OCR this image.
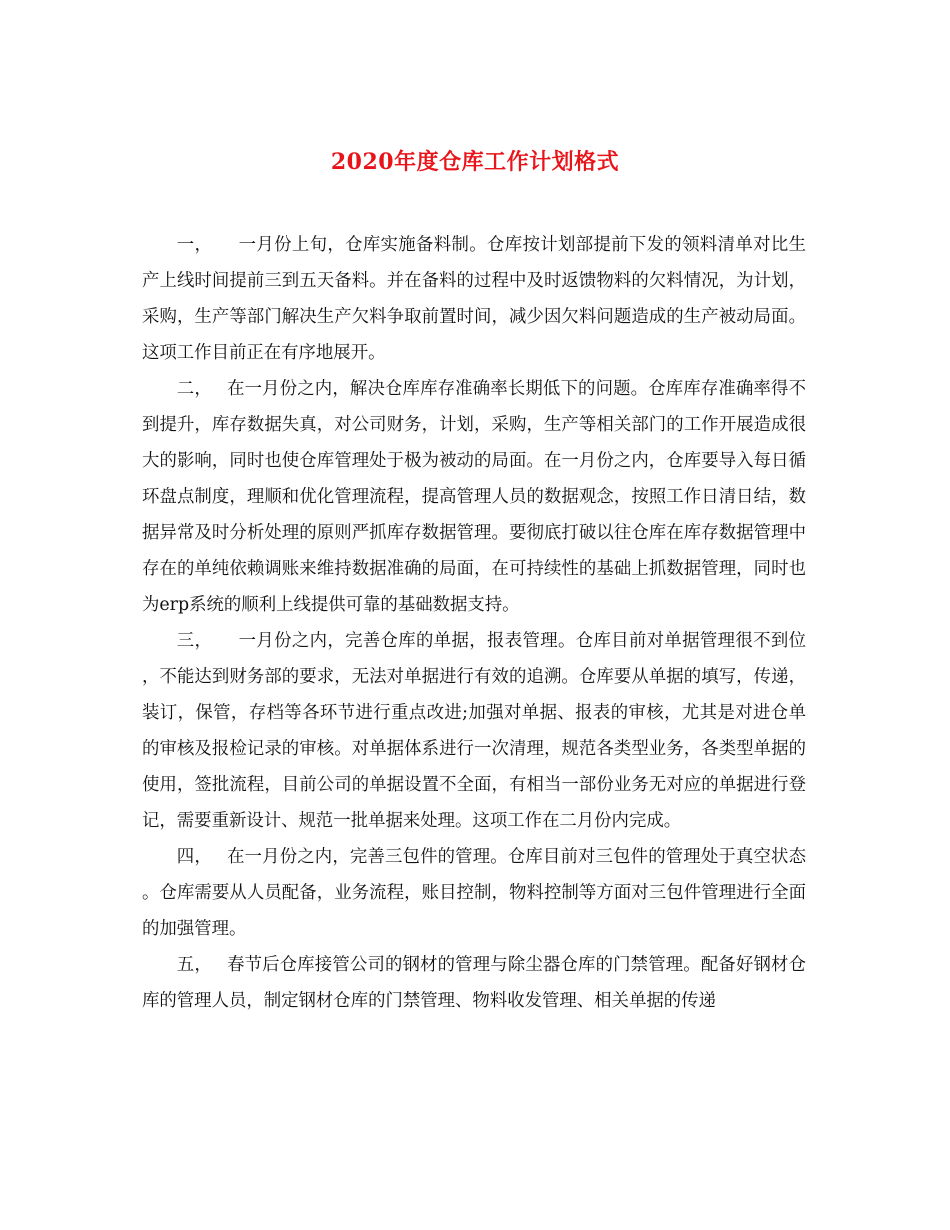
2020年度仓库工作计划格式

一， 一月份上旬，仓库实施备料制。仓库按计划部提前下发的领料清单对比生产上线时间提前三到五天备料。并在备料的过程中及时返馈物料的欠料情况，为计划，采购，生产等部门解决生产欠料争取前置时间，减少因欠料问题造成的生产被动局面。这项工作目前正在有序地展开。

二， 在一月份之内，解决仓库库存准确率长期低下的问题。仓库库存准确率得不到提升，库存数据失真，对公司财务，计划，采购，生产等相关部门的工作开展造成很大的影响，同时也使仓库管理处于极为被动的局面。在一月份之内，仓库要导入每日循环盘点制度，理顺和优化管理流程，提高管理人员的数据观念，按照工作日清日结，数据异常及时分析处理的原则严抓库存数据管理。要彻底打破以往仓库在库存数据管理中存在的单纯依赖调账来维持数据准确的局面，在可持续性的基础上抓数据管理，同时也为erp系统的顺利上线提供可靠的基础数据支持。

三， 一月份之内，完善仓库的单据，报表管理。仓库目前对单据管理很不到位，不能达到财务部的要求，无法对单据进行有效的追溯。仓库要从单据的填写，传递，装订，保管，存档等各环节进行重点改进;加强对单据、报表的审核，尤其是对进仓单的审核及报检记录的审核。对单据体系进行一次清理，规范各类型业务，各类型单据的使用，签批流程，目前公司的单据设置不全面，有相当一部份业务无对应的单据进行登记，需要重新设计、规范一批单据来处理。这项工作在二月份内完成。

四， 在一月份之内，完善三包件的管理。仓库目前对三包件的管理处于真空状态。仓库需要从人员配备，业务流程，账目控制，物料控制等方面对三包件管理进行全面的加强管理。

五， 春节后仓库接管公司的钢材的管理与除尘器仓库的门禁管理。配备好钢材仓库的管理人员，制定钢材仓库的门禁管理、物料收发管理、相关单据的传递
